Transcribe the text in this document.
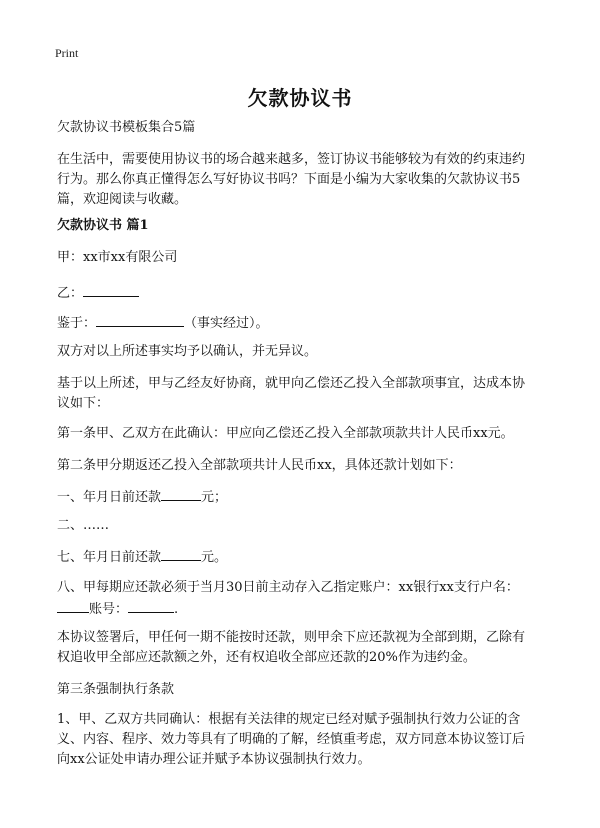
Print
欠款协议书
欠款协议书模板集合5篇
在生活中，需要使用协议书的场合越来越多，签订协议书能够较为有效的约束违约
行为。那么你真正懂得怎么写好协议书吗？下面是小编为大家收集的欠款协议书5
篇，欢迎阅读与收藏。
欠款协议书 篇1
甲：xx市xx有限公司
乙：
鉴于：	（事实经过）。
双方对以上所述事实均予以确认，并无异议。
基于以上所述，甲与乙经友好协商，就甲向乙偿还乙投入全部款项事宜，达成本协
议如下：
第一条甲、乙双方在此确认：甲应向乙偿还乙投入全部款项款共计人民币xx元。
第二条甲分期返还乙投入全部款项共计人民币xx，具体还款计划如下：
一、年月日前还款	元；
二、……
七、年月日前还款	元。
八、甲每期应还款必须于当月30日前主动存入乙指定账户：xx银行xx支行户名：
账号：	.
本协议签署后，甲任何一期不能按时还款，则甲余下应还款视为全部到期，乙除有
权追收甲全部应还款额之外，还有权追收全部应还款的20%作为违约金。
第三条强制执行条款
1、甲、乙双方共同确认：根据有关法律的规定已经对赋予强制执行效力公证的含
义、内容、程序、效力等具有了明确的了解，经慎重考虑，双方同意本协议签订后
向xx公证处申请办理公证并赋予本协议强制执行效力。
